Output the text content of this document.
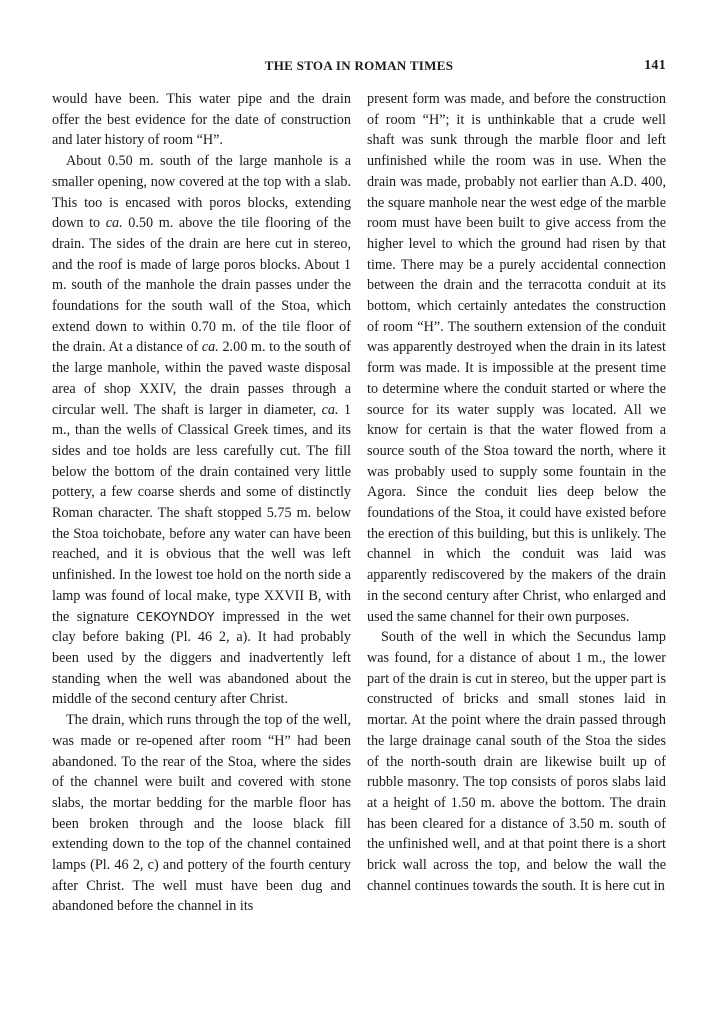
THE STOA IN ROMAN TIMES	141

would have been. This water pipe and the drain offer the best evidence for the date of construction and later history of room “H”.

About 0.50 m. south of the large manhole is a smaller opening, now covered at the top with a slab. This too is encased with poros blocks, extending down to ca. 0.50 m. above the tile flooring of the drain. The sides of the drain are here cut in stereo, and the roof is made of large poros blocks. About 1 m. south of the manhole the drain passes under the foundations for the south wall of the Stoa, which extend down to within 0.70 m. of the tile floor of the drain. At a distance of ca. 2.00 m. to the south of the large manhole, within the paved waste disposal area of shop XXIV, the drain passes through a circular well. The shaft is larger in diameter, ca. 1 m., than the wells of Classical Greek times, and its sides and toe holds are less carefully cut. The fill below the bottom of the drain contained very little pottery, a few coarse sherds and some of distinctly Roman character. The shaft stopped 5.75 m. below the Stoa toichobate, before any water can have been reached, and it is obvious that the well was left unfinished. In the lowest toe hold on the north side a lamp was found of local make, type XXVII B, with the signature CEKOYNDOY impressed in the wet clay before baking (Pl. 46 2, a). It had probably been used by the diggers and inadvertently left standing when the well was abandoned about the middle of the second century after Christ.

The drain, which runs through the top of the well, was made or re-opened after room “H” had been abandoned. To the rear of the Stoa, where the sides of the channel were built and covered with stone slabs, the mortar bedding for the marble floor has been broken through and the loose black fill extending down to the top of the channel contained lamps (Pl. 46 2, c) and pottery of the fourth century after Christ. The well must have been dug and abandoned before the channel in its

present form was made, and before the construction of room “H”; it is unthinkable that a crude well shaft was sunk through the marble floor and left unfinished while the room was in use. When the drain was made, probably not earlier than A.D. 400, the square manhole near the west edge of the marble room must have been built to give access from the higher level to which the ground had risen by that time. There may be a purely accidental connection between the drain and the terracotta conduit at its bottom, which certainly antedates the construction of room “H”. The southern extension of the conduit was apparently destroyed when the drain in its latest form was made. It is impossible at the present time to determine where the conduit started or where the source for its water supply was located. All we know for certain is that the water flowed from a source south of the Stoa toward the north, where it was probably used to supply some fountain in the Agora. Since the conduit lies deep below the foundations of the Stoa, it could have existed before the erection of this building, but this is unlikely. The channel in which the conduit was laid was apparently rediscovered by the makers of the drain in the second century after Christ, who enlarged and used the same channel for their own purposes.

South of the well in which the Secundus lamp was found, for a distance of about 1 m., the lower part of the drain is cut in stereo, but the upper part is constructed of bricks and small stones laid in mortar. At the point where the drain passed through the large drainage canal south of the Stoa the sides of the north-south drain are likewise built up of rubble masonry. The top consists of poros slabs laid at a height of 1.50 m. above the bottom. The drain has been cleared for a distance of 3.50 m. south of the unfinished well, and at that point there is a short brick wall across the top, and below the wall the channel continues towards the south. It is here cut in
